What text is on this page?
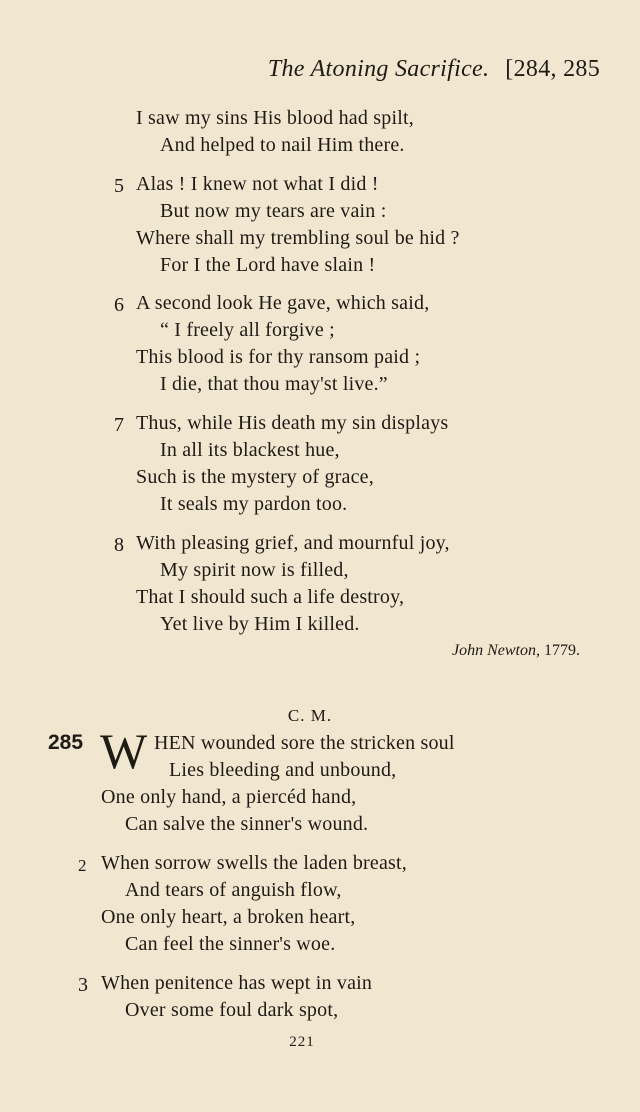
The Atoning Sacrifice. [284, 285
I saw my sins His blood had spilt,
And helped to nail Him there.
5 Alas ! I knew not what I did !
But now my tears are vain :
Where shall my trembling soul be hid ?
For I the Lord have slain !
6 A second look He gave, which said,
“ I freely all forgive ;
This blood is for thy ransom paid ;
I die, that thou may'st live.”
7 Thus, while His death my sin displays
In all its blackest hue,
Such is the mystery of grace,
It seals my pardon too.
8 With pleasing grief, and mournful joy,
My spirit now is filled,
That I should such a life destroy,
Yet live by Him I killed.
John Newton, 1779.
C. M.
285 W HEN wounded sore the stricken soul
Lies bleeding and unbound,
One only hand, a piercéd hand,
Can salve the sinner's wound.
2 When sorrow swells the laden breast,
And tears of anguish flow,
One only heart, a broken heart,
Can feel the sinner's woe.
3 When penitence has wept in vain
Over some foul dark spot,
221
